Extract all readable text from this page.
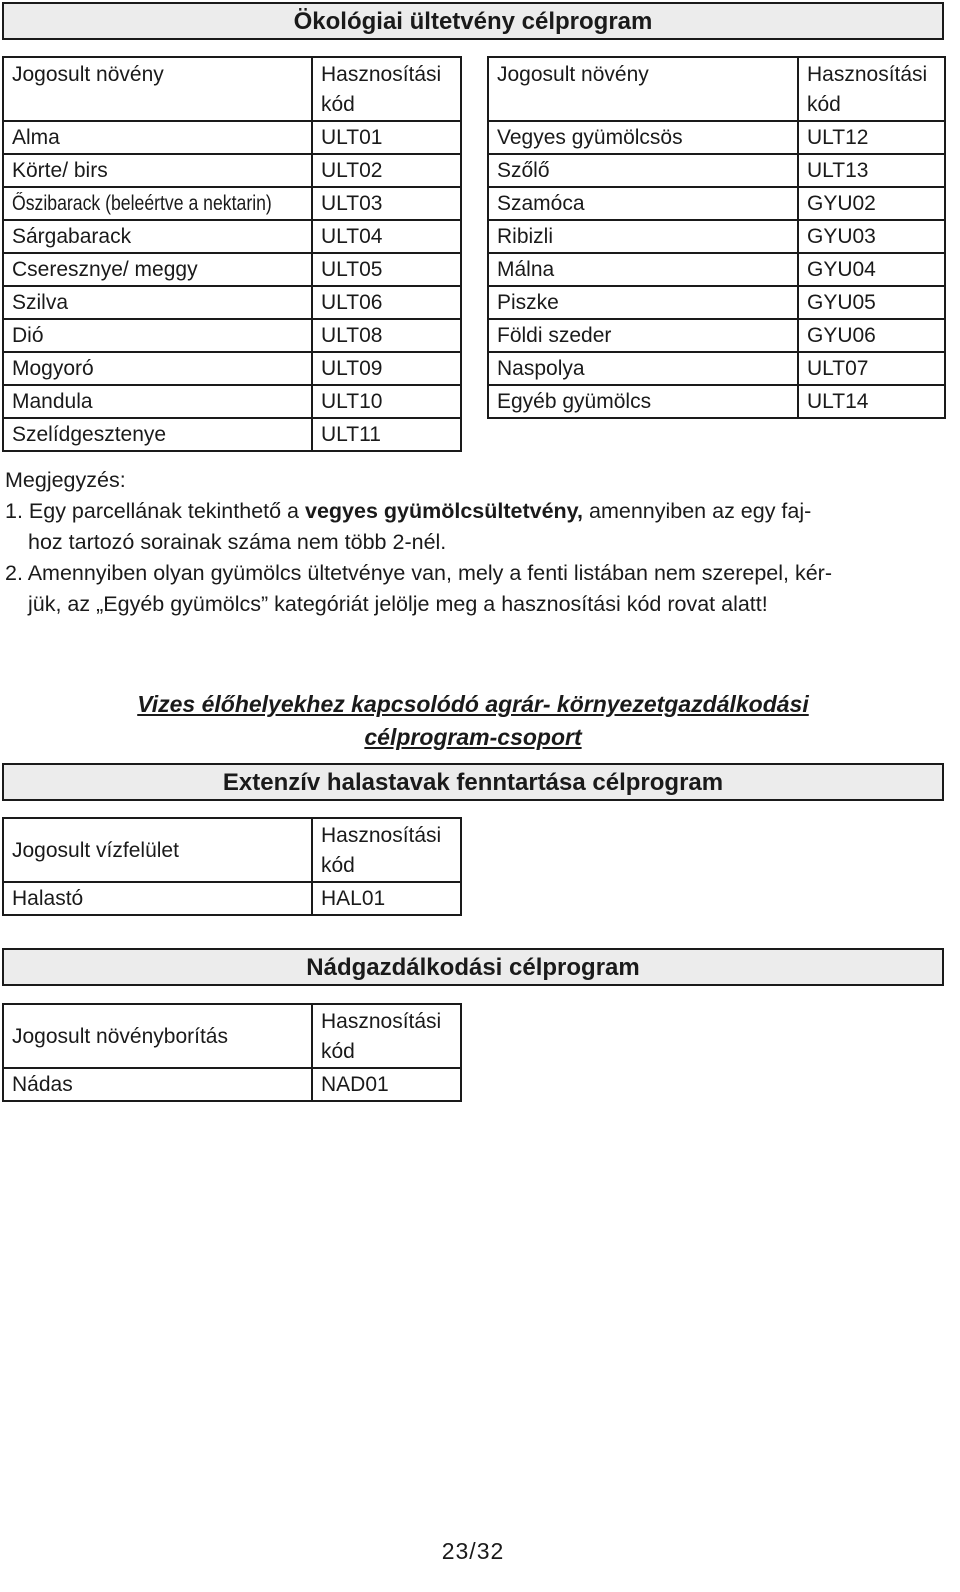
Ökológiai ültetvény célprogram
Jogosult növény	Hasznosítási kód
Alma	ULT01
Körte/ birs	ULT02
Őszibarack (beleértve a nektarin)	ULT03
Sárgabarack	ULT04
Cseresznye/ meggy	ULT05
Szilva	ULT06
Dió	ULT08
Mogyoró	ULT09
Mandula	ULT10
Szelídgesztenye	ULT11
Jogosult növény	Hasznosítási kód
Vegyes gyümölcsös	ULT12
Szőlő	ULT13
Szamóca	GYU02
Ribizli	GYU03
Málna	GYU04
Piszke	GYU05
Földi szeder	GYU06
Naspolya	ULT07
Egyéb gyümölcs	ULT14

Megjegyzés:

1. Egy parcellának tekinthető a vegyes gyümölcsültetvény, amennyiben az egy faj-

hoz tartozó sorainak száma nem több 2-nél.

2. Amennyiben olyan gyümölcs ültetvénye van, mely a fenti listában nem szerepel, kér-

jük, az „Egyéb gyümölcs” kategóriát jelölje meg a hasznosítási kód rovat alatt!

Vizes élőhelyekhez kapcsolódó agrár- környezetgazdálkodási
célprogram-csoport
Extenzív halastavak fenntartása célprogram
Jogosult vízfelület	Hasznosítási kód
Halastó	HAL01
Nádgazdálkodási célprogram
Jogosult növényborítás	Hasznosítási kód
Nádas	NAD01
23/32
